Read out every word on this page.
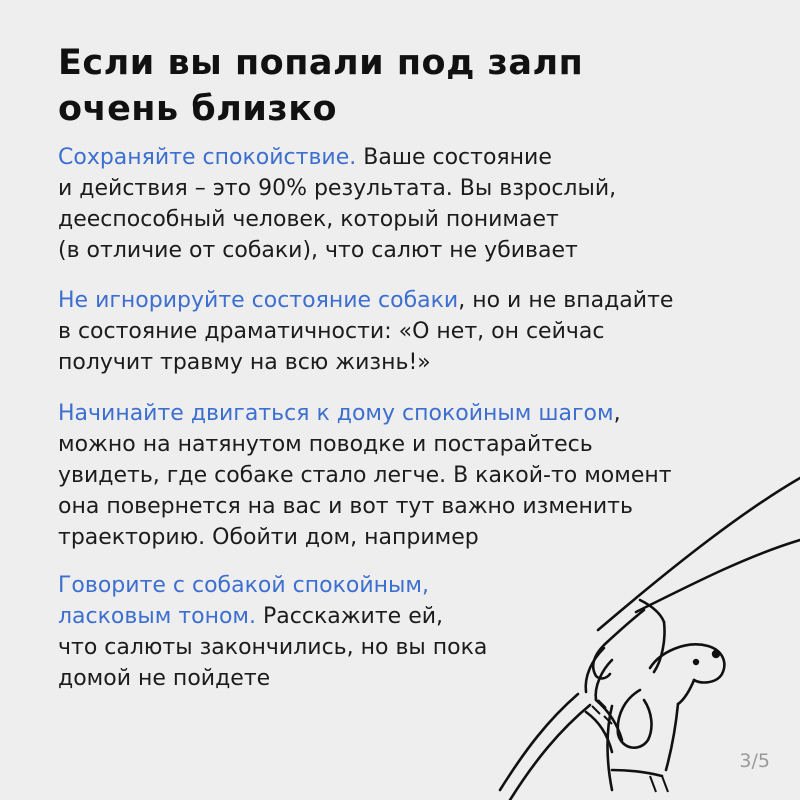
Если вы попали под залп
очень близко

Сохраняйте спокойствие. Ваше состояние
и действия – это 90% результата. Вы взрослый,
дееспособный человек, который понимает
(в отличие от собаки), что салют не убивает

Не игнорируйте состояние собаки, но и не впадайте
в состояние драматичности: «О нет, он сейчас
получит травму на всю жизнь!»

Начинайте двигаться к дому спокойным шагом,
можно на натянутом поводке и постарайтесь
увидеть, где собаке стало легче. В какой-то момент
она повернется на вас и вот тут важно изменить
траекторию. Обойти дом, например

Говорите с собакой спокойным,
ласковым тоном. Расскажите ей,
что салюты закончились, но вы пока
домой не пойдете

3/5
